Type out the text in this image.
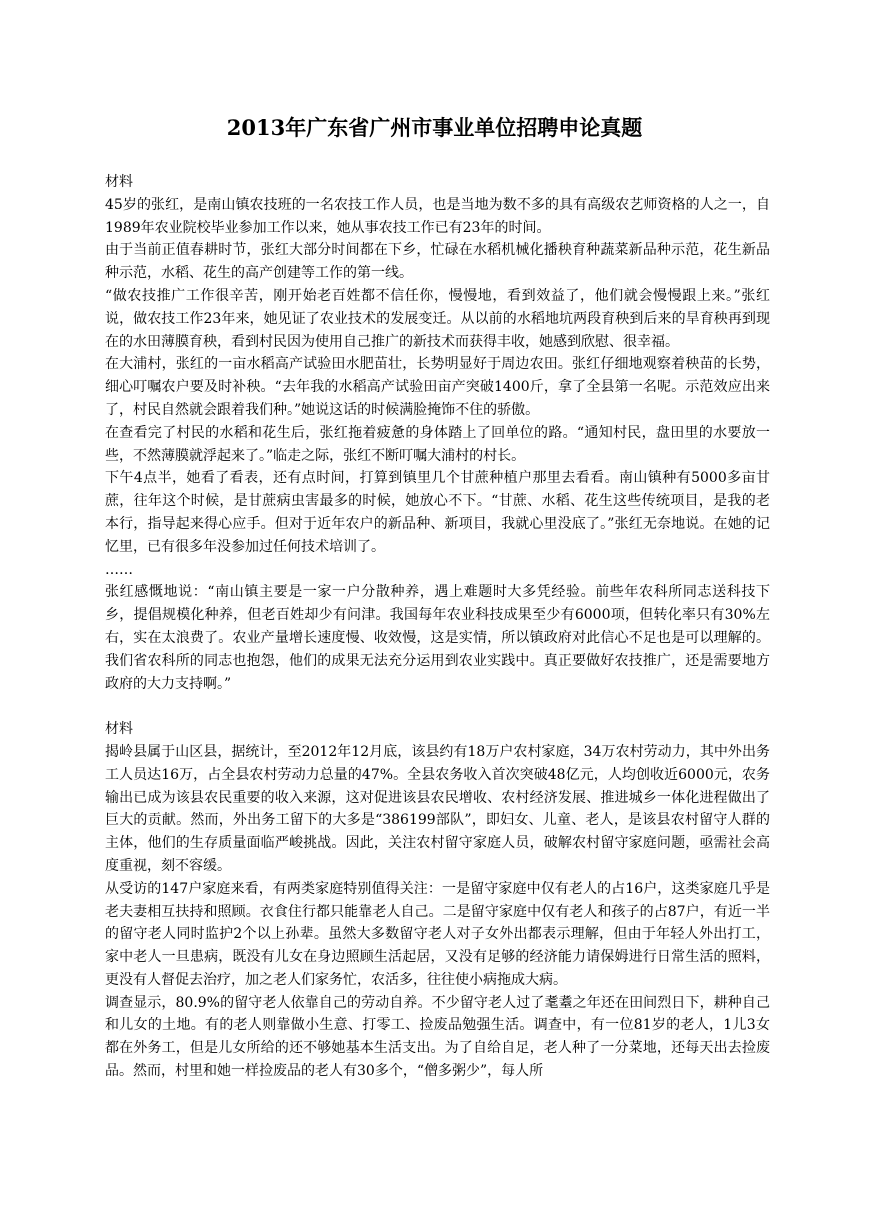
2013年广东省广州市事业单位招聘申论真题

材料

45岁的张红，是南山镇农技班的一名农技工作人员，也是当地为数不多的具有高级农艺师资格的人之一，自1989年农业院校毕业参加工作以来，她从事农技工作已有23年的时间。

由于当前正值春耕时节，张红大部分时间都在下乡，忙碌在水稻机械化播秧育种蔬菜新品种示范，花生新品种示范，水稻、花生的高产创建等工作的第一线。

“做农技推广工作很辛苦，刚开始老百姓都不信任你，慢慢地，看到效益了，他们就会慢慢跟上来。”张红说，做农技工作23年来，她见证了农业技术的发展变迁。从以前的水稻地坑两段育秧到后来的旱育秧再到现在的水田薄膜育秧，看到村民因为使用自己推广的新技术而获得丰收，她感到欣慰、很幸福。

在大浦村，张红的一亩水稻高产试验田水肥苗壮，长势明显好于周边农田。张红仔细地观察着秧苗的长势，细心叮嘱农户要及时补秧。“去年我的水稻高产试验田亩产突破1400斤，拿了全县第一名呢。示范效应出来了，村民自然就会跟着我们种。”她说这话的时候满脸掩饰不住的骄傲。

在查看完了村民的水稻和花生后，张红拖着疲惫的身体踏上了回单位的路。“通知村民，盘田里的水要放一些，不然薄膜就浮起来了。”临走之际，张红不断叮嘱大浦村的村长。

下午4点半，她看了看表，还有点时间，打算到镇里几个甘蔗种植户那里去看看。南山镇种有5000多亩甘蔗，往年这个时候，是甘蔗病虫害最多的时候，她放心不下。“甘蔗、水稻、花生这些传统项目，是我的老本行，指导起来得心应手。但对于近年农户的新品种、新项目，我就心里没底了。”张红无奈地说。在她的记忆里，已有很多年没参加过任何技术培训了。

……

张红感慨地说：“南山镇主要是一家一户分散种养，遇上难题时大多凭经验。前些年农科所同志送科技下乡，提倡规模化种养，但老百姓却少有问津。我国每年农业科技成果至少有6000项，但转化率只有30%左右，实在太浪费了。农业产量增长速度慢、收效慢，这是实情，所以镇政府对此信心不足也是可以理解的。我们省农科所的同志也抱怨，他们的成果无法充分运用到农业实践中。真正要做好农技推广，还是需要地方政府的大力支持啊。”

材料

揭岭县属于山区县，据统计，至2012年12月底，该县约有18万户农村家庭，34万农村劳动力，其中外出务工人员达16万，占全县农村劳动力总量的47%。全县农务收入首次突破48亿元，人均创收近6000元，农务输出已成为该县农民重要的收入来源，这对促进该县农民增收、农村经济发展、推进城乡一体化进程做出了巨大的贡献。然而，外出务工留下的大多是“386199部队”，即妇女、儿童、老人，是该县农村留守人群的主体，他们的生存质量面临严峻挑战。因此，关注农村留守家庭人员，破解农村留守家庭问题，亟需社会高度重视，刻不容缓。

从受访的147户家庭来看，有两类家庭特别值得关注：一是留守家庭中仅有老人的占16户，这类家庭几乎是老夫妻相互扶持和照顾。衣食住行都只能靠老人自己。二是留守家庭中仅有老人和孩子的占87户，有近一半的留守老人同时监护2个以上孙辈。虽然大多数留守老人对子女外出都表示理解，但由于年轻人外出打工，家中老人一旦患病，既没有儿女在身边照顾生活起居，又没有足够的经济能力请保姆进行日常生活的照料，更没有人督促去治疗，加之老人们家务忙，农活多，往往使小病拖成大病。

调查显示，80.9%的留守老人依靠自己的劳动自养。不少留守老人过了耄耋之年还在田间烈日下，耕种自己和儿女的土地。有的老人则靠做小生意、打零工、捡废品勉强生活。调查中，有一位81岁的老人，1儿3女都在外务工，但是儿女所给的还不够她基本生活支出。为了自给自足，老人种了一分菜地，还每天出去捡废品。然而，村里和她一样捡废品的老人有30多个，“僧多粥少”，每人所
